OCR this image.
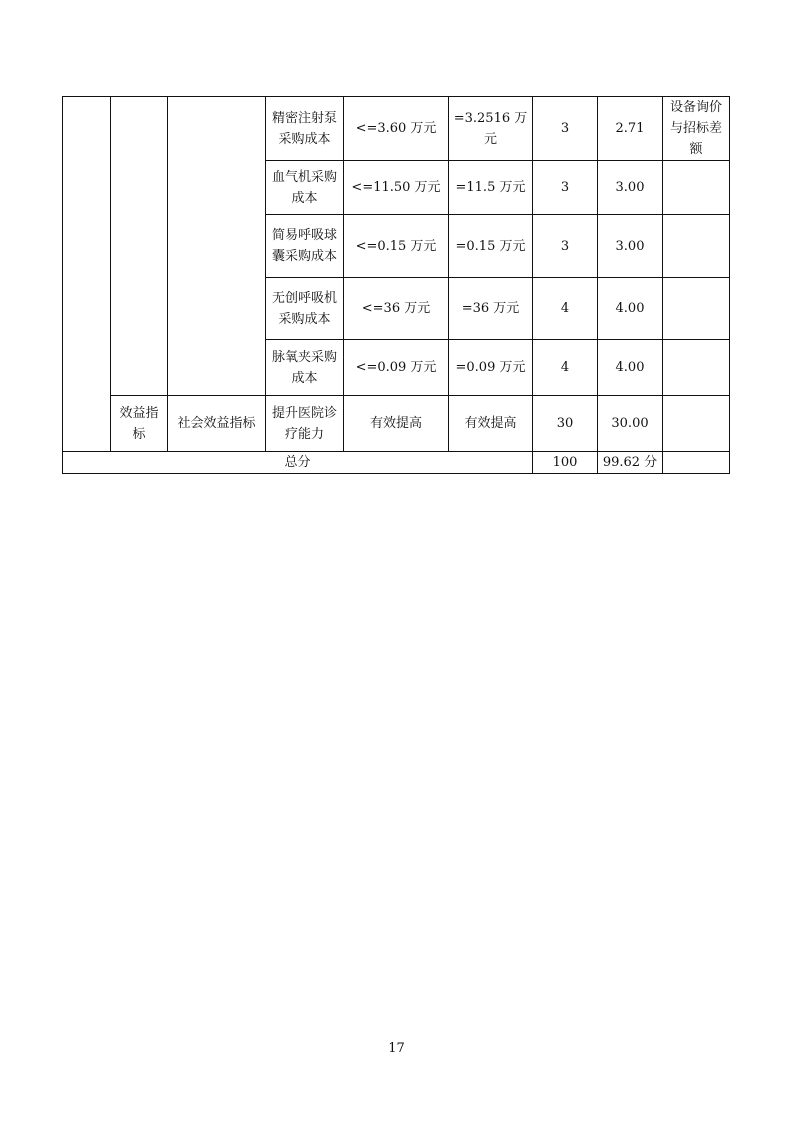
			精密注射泵采购成本	<=3.60 万元	=3.2516 万元	3	2.71	设备询价与招标差额
			血气机采购成本	<=11.50 万元	=11.5 万元	3	3.00	
			简易呼吸球囊采购成本	<=0.15 万元	=0.15 万元	3	3.00	
			无创呼吸机采购成本	<=36 万元	=36 万元	4	4.00	
			脉氧夹采购成本	<=0.09 万元	=0.09 万元	4	4.00	
	效益指标	社会效益指标	提升医院诊疗能力	有效提高	有效提高	30	30.00	
总分						100	99.62 分	
17
